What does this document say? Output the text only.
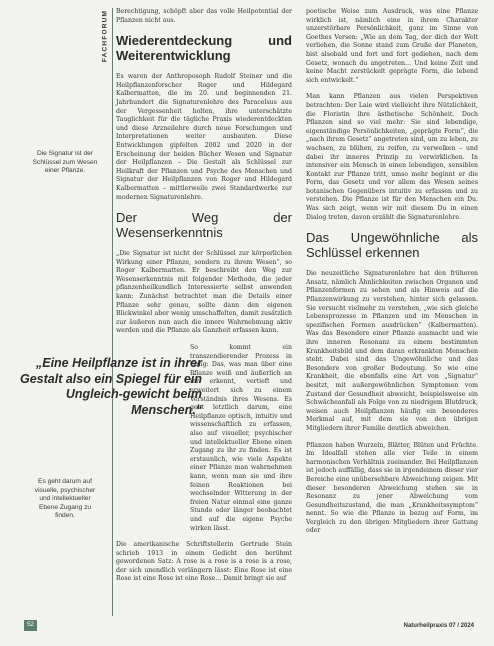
Die Signatur ist der Schlüssel zum Wesen einer Pflanze.
Es geht darum auf visuelle, psychischer und intellektueller Ebene Zugang zu finden.
FACHFORUM
„Eine Heilpflanze ist in ihrer Gestalt also ein Spiegel für ein Ungleich-gewicht beim Menschen.“

Berechtigung, schöpft aber das volle Heilpotential der Pflanzen nicht aus.

Wiederentdeckung und Weiterentwicklung

Es waren der Anthroposoph Rudolf Steiner und die Heilpflanzenforscher Roger und Hildegard Kalbermatten, die im 20. und beginnenden 21. Jahrhundert die Signaturenlehre des Paracelsus aus der Vergessenheit holten, ihre unterschätzte Tauglichkeit für die tägliche Praxis wiederentdeckten und diese Arzneilehre durch neue Forschungen und Interpretationen weiter ausbauten. Diese Entwicklungen gipfelten 2002 und 2020 in der Erscheinung der beiden Bücher Wesen und Signatur der Heilpflanzen – Die Gestalt als Schlüssel zur Heilkraft der Pflanzen und Psyche des Menschen und Signatur der Heilpflanzen von Roger und Hildegard Kalbermatten – mittlerweile zwei Standardwerke zur modernen Signaturenlehre.

Der Weg der Wesenserkenntnis

„Die Signatur ist nicht der Schlüssel zur körperlichen Wirkung einer Pflanze, sondern zu ihrem Wesen“, so Roger Kalbermatten. Er beschreibt den Weg zur Wesenserkenntnis mit folgender Methode, die jeder pflanzenheilkundlich Interessierte selbst anwenden kann: Zunächst betrachtet man die Details einer Pflanze sehr genau, sollte dann den eigenen Blickwinkel aber wenig umschaffelten, damit zusätzlich zur äußeren nun auch die innere Wahrnehmung aktiv werden und die Pflanze als Ganzheit erfassen kann.

So kommt ein transzendierender Prozess in Gang: Das, was man über eine Pflanze weiß und äußerlich an ihr erkennt, vertieft und erweitert sich zu einem Verständnis ihres Wesens. Es geht letztlich darum, eine Heilpflanze optisch, intuitiv und wissenschaftlich zu erfassen, also auf visueller, psychischer und intellektueller Ebene einen Zugang zu ihr zu finden. Es ist erstaunlich, wie viele Aspekte einer Pflanze man wahrnehmen kann, wenn man sie und ihre feinen Reaktionen bei wechselnder Witterung in der freien Natur einmal eine ganze Stunde oder länger beobachtet und auf die eigene Psyche wirken lässt.

Die amerikanische Schriftstellerin Gertrude Stein schrieb 1913 in einem Gedicht den berühmt gewordenen Satz: A rose is a rose is a rose is a rose, der sich unendlich verlängern lässt: Eine Rose ist eine Rose ist eine Rose ist eine Rose... Damit bringt sie auf

poetische Weise zum Ausdruck, was eine Pflanze wirklich ist, nämlich eine in ihrem Charakter unzerstörbare Persönlichkeit, ganz im Sinne von Goethes Versen: „Wie an dem Tag, der dich der Welt verliehen, die Sonne stand zum Gruße der Planeten, bist alsobald und fort und fort gediehen, nach dem Gesetz, wonach du angetreten… Und keine Zeit und keine Macht zerstückelt geprägte Form, die lebend sich entwickelt.“

Man kann Pflanzen aus vielen Perspektiven betrachten: Der Laie wird vielleicht ihre Nützlichkeit, die Floristin ihre ästhetische Schönheit. Doch Pflanzen sind so viel mehr: Sie sind lebendige, eigenständige Persönlichkeiten, „geprägte Form“, die „nach ihrem Gesetz“ angetreten sind, um zu leben, zu wachsen, zu blühen, zu reifen, zu verwelken – und dabei ihr inneres Prinzip zu verwirklichen. In intensiver ein Mensch in einen lebendigen, sensiblen Kontakt zur Pflanze tritt, umso mehr beginnt er die Form, das Gesetz und vor allem das Wesen seines botanischen Gegenübers intuitiv zu erfassen und zu verstehen. Die Pflanze ist für den Menschen ein Du. Was sich zeigt, wenn wir mit diesem Du in einen Dialog treten, davon erzählt die Signaturenlehre.

Das Ungewöhnliche als Schlüssel erkennen

Die neuzeitliche Signaturenlehre hat den früheren Ansatz, nämlich Ähnlichkeiten zwischen Organen und Pflanzenformen zu sehen und als Hinweis auf die Pflanzenwirkung zu verstehen, hinter sich gelassen. Sie versucht vielmehr zu verstehen, „wie sich gleiche Lebensprozesse in Pflanzen und im Menschen in spezifischen Formen ausdrücken“ (Kalbermatten). Was das Besondere einer Pflanze ausmacht und wie ihre inneren Resonanz zu einem bestimmten Krankheitsbild und dem daran erkrankten Menschen steht. Dabei sind das Ungewöhnliche und das Besondere von großer Bedeutung. So wie eine Krankheit, die ebenfalls eine Art von „Signatur“ besitzt, mit außergewöhnlichen Symptomen vom Zustand der Gesundheit abweicht, beispielsweise ein Schwächeanfall als Folge von zu niedrigem Blutdruck, weisen auch Heilpflanzen häufig ein besonderes Merkmal auf, mit dem sie von den übrigen Mitgliedern ihrer Familie deutlich abweichen.

Pflanzen haben Wurzeln, Blätter, Blüten und Früchte. Im Idealfall stehen alle vier Teile in einem harmonischen Verhältnis zueinander. Bei Heilpflanzen ist jedoch auffällig, dass sie in irgendeinem dieser vier Bereiche eine unübersehbare Abweichung zeigen. Mit dieser besonderen Abweichung stehen sie in Resonanz zu jener Abweichung vom Gesundheitszustand, die man „Krankheitssymptom“ nennt. So wie die Pflanze in bezug auf Form, im Vergleich zu den übrigen Mitgliedern ihrer Gattung oder

52	Naturheilpraxis 07 / 2024
